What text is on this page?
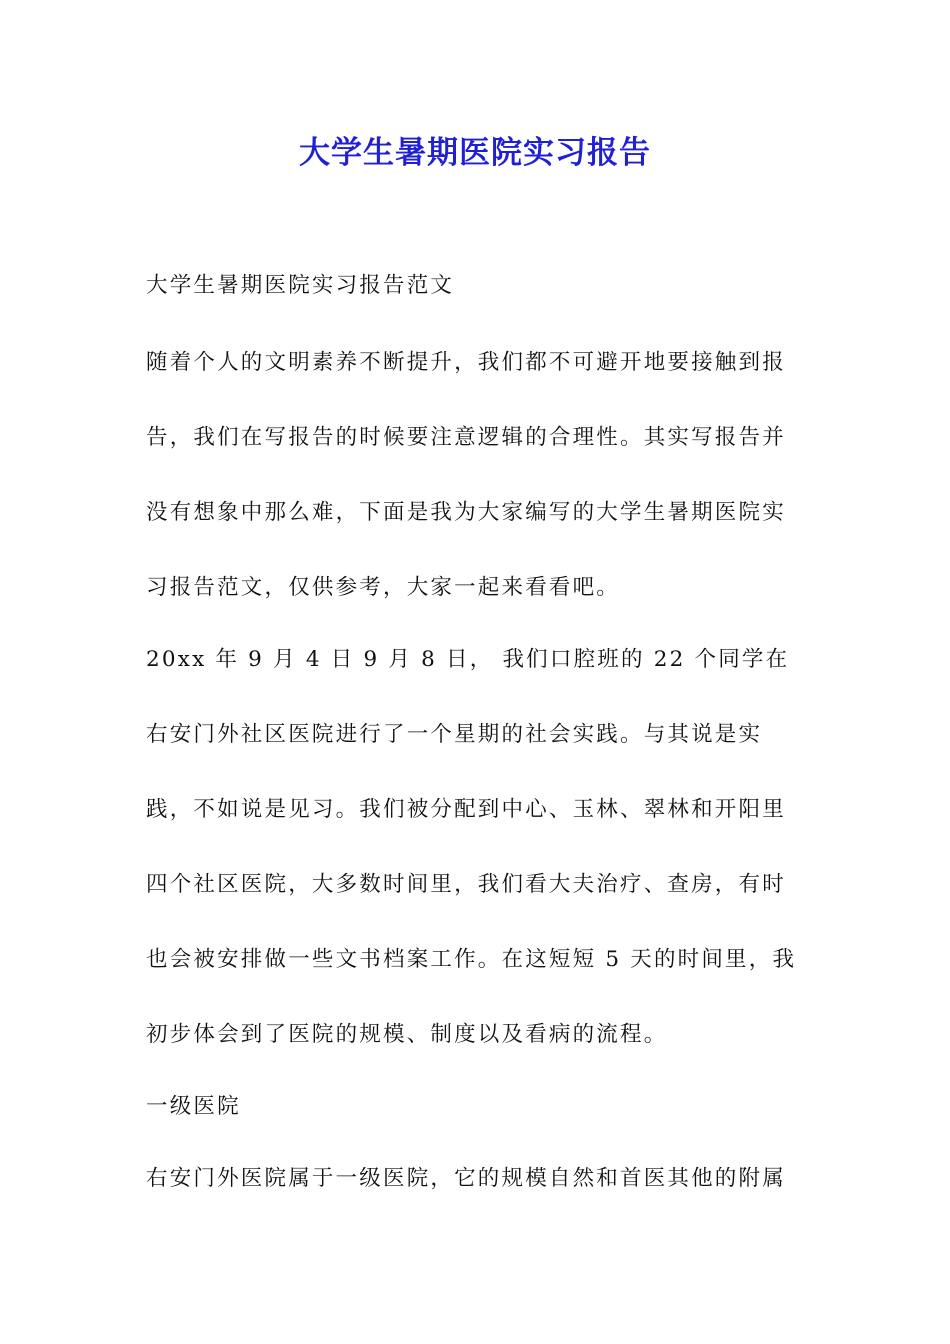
大学生暑期医院实习报告

大学生暑期医院实习报告范文

随着个人的文明素养不断提升，我们都不可避开地要接触到报告，我们在写报告的时候要注意逻辑的合理性。其实写报告并没有想象中那么难，下面是我为大家编写的大学生暑期医院实习报告范文，仅供参考，大家一起来看看吧。

20xx 年 9 月 4 日 9 月 8 日， 我们口腔班的 22 个同学在右安门外社区医院进行了一个星期的社会实践。与其说是实践，不如说是见习。我们被分配到中心、玉林、翠林和开阳里四个社区医院，大多数时间里，我们看大夫治疗、查房，有时也会被安排做一些文书档案工作。在这短短 5 天的时间里，我初步体会到了医院的规模、制度以及看病的流程。

一级医院

右安门外医院属于一级医院，它的规模自然和首医其他的附属
